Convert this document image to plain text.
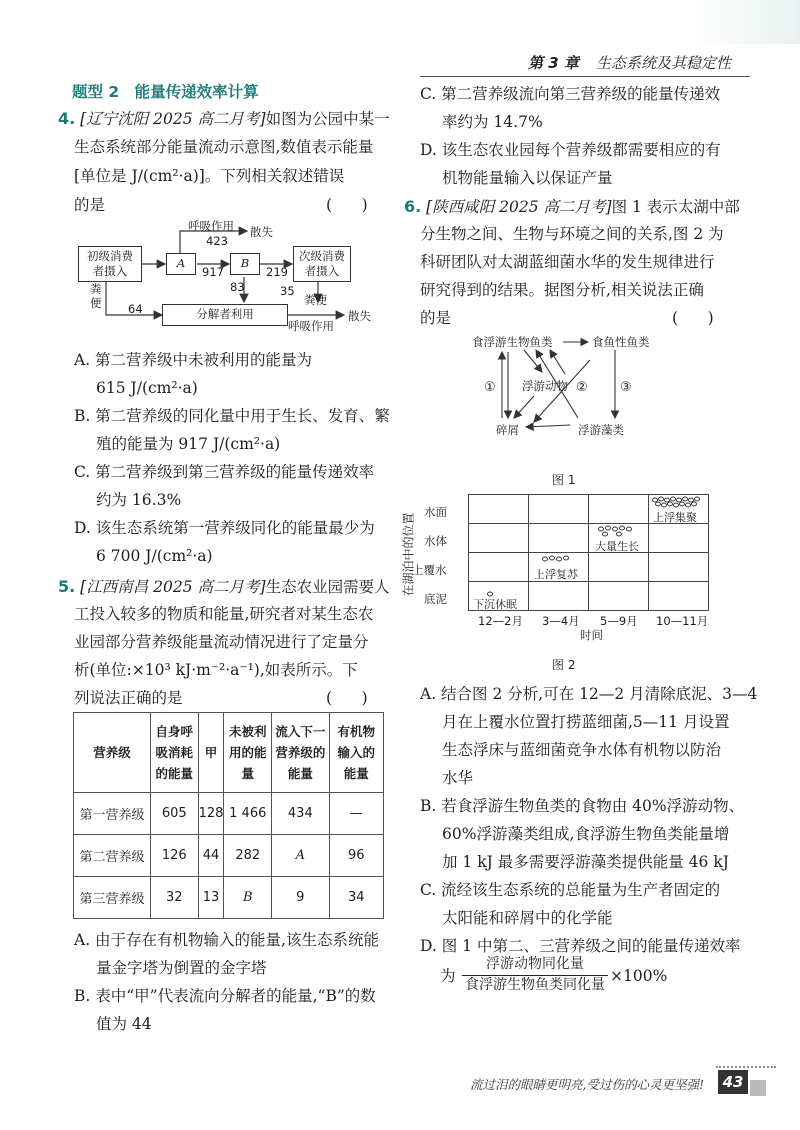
第 3 章 生态系统及其稳定性
题型 2 能量传递效率计算
4. [辽宁沈阳 2025 高二月考]如图为公园中某一
生态系统部分能量流动示意图,数值表示能量
[单位是 J/(cm²·a)]。下列相关叙述错误
的是	(      )
初级消费者摄入
A	B	次级消费者摄入
分解者利用
呼吸作用 散失
423
917	219
83	35
粪便
64
粪便
呼吸作用
散失
A. 第二营养级中未被利用的能量为
615 J/(cm²·a)
B. 第二营养级的同化量中用于生长、发育、繁
殖的能量为 917 J/(cm²·a)
C. 第二营养级到第三营养级的能量传递效率
约为 16.3%
D. 该生态系统第一营养级同化的能量最少为
6 700 J/(cm²·a)
5. [江西南昌 2025 高二月考]生态农业园需要人
工投入较多的物质和能量,研究者对某生态农
业园部分营养级能量流动情况进行了定量分
析(单位:×10³ kJ·m⁻²·a⁻¹),如表所示。下
列说法正确的是	(      )
营养级	自身呼吸消耗的能量	甲	未被利用的能量	流入下一营养级的能量	有机物输入的能量
第一营养级	605	128	1 466	434	—
第二营养级	126	44	282	A	96
第三营养级	32	13	B	9	34
A. 由于存在有机物输入的能量,该生态系统能
量金字塔为倒置的金字塔
B. 表中“甲”代表流向分解者的能量,“B”的数
值为 44
C. 第二营养级流向第三营养级的能量传递效
率约为 14.7%
D. 该生态农业园每个营养级都需要相应的有
机物能量输入以保证产量
6. [陕西咸阳 2025 高二月考]图 1 表示太湖中部
分生物之间、生物与环境之间的关系,图 2 为
科研团队对太湖蓝细菌水华的发生规律进行
研究得到的结果。据图分析,相关说法正确
的是	(      )
食浮游生物鱼类	食鱼性鱼类
浮游动物
碎屑	浮游藻类
①	② ③
图 1
在湖泊中的位置
水面
水体
上覆水
底泥 下沉休眠
上浮复苏
大量生长
上浮集聚
12—2月 3—4月 5—9月 10—11月
时间
图 2
A. 结合图 2 分析,可在 12—2 月清除底泥、3—4
月在上覆水位置打捞蓝细菌,5—11 月设置
生态浮床与蓝细菌竞争水体有机物以防治
水华
B. 若食浮游生物鱼类的食物由 40%浮游动物、
60%浮游藻类组成,食浮游生物鱼类能量增
加 1 kJ 最多需要浮游藻类提供能量 46 kJ
C. 流经该生态系统的总能量为生产者固定的
太阳能和碎屑中的化学能
D. 图 1 中第二、三营养级之间的能量传递效率
为
浮游动物同化量
食浮游生物鱼类同化量 ×100%
流过泪的眼睛更明亮,受过伤的心灵更坚强!	43
